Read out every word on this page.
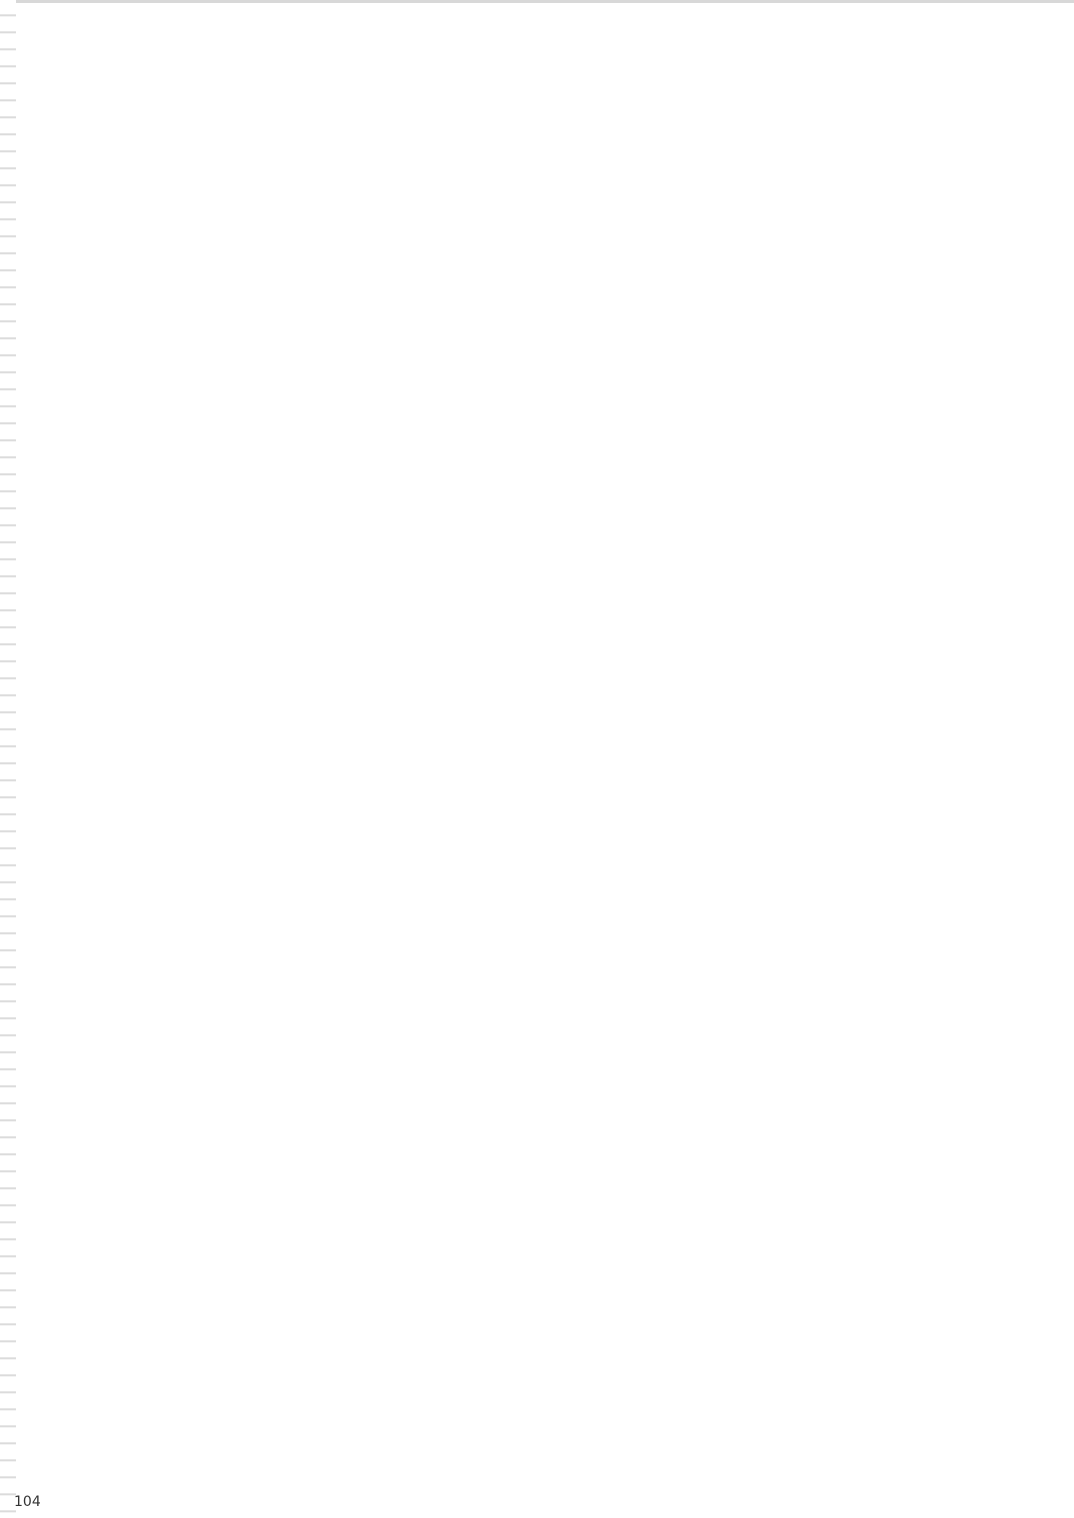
104
